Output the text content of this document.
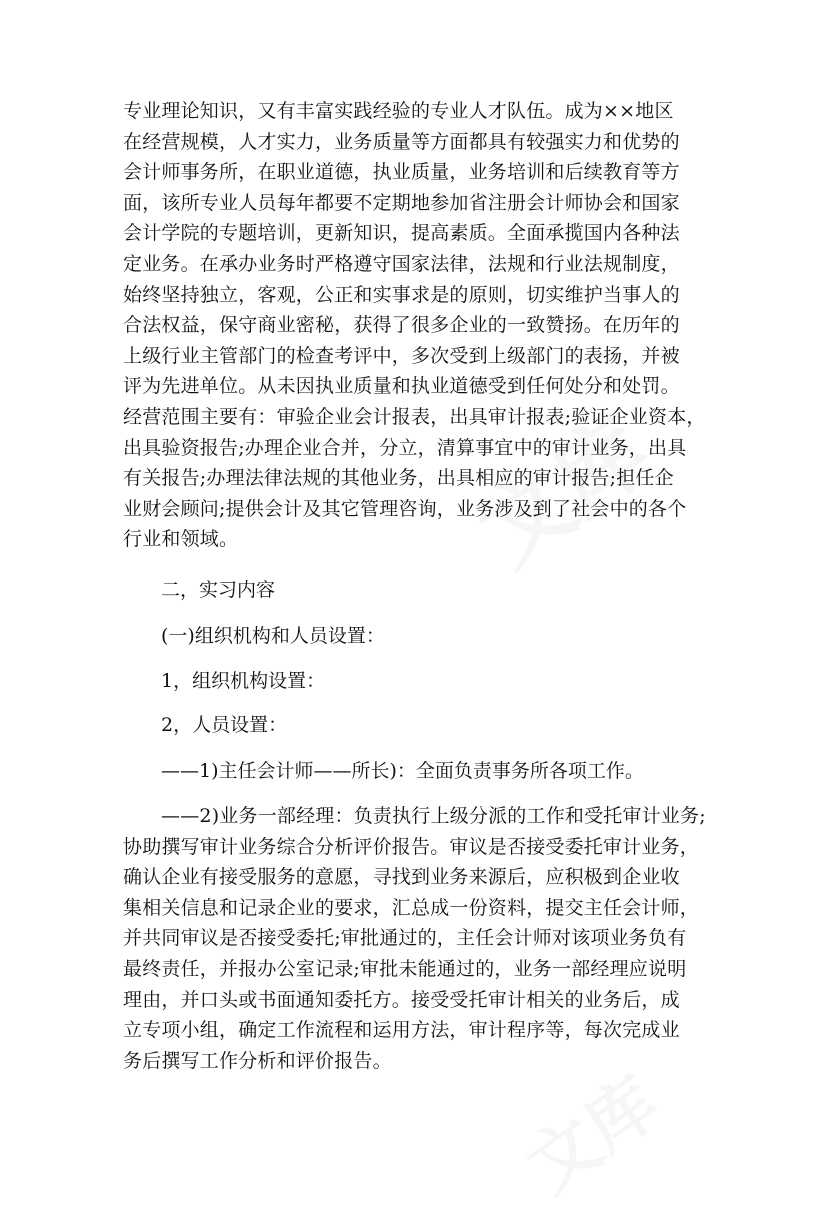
专业理论知识，又有丰富实践经验的专业人才队伍。成为××地区
在经营规模，人才实力，业务质量等方面都具有较强实力和优势的
会计师事务所，在职业道德，执业质量，业务培训和后续教育等方
面，该所专业人员每年都要不定期地参加省注册会计师协会和国家
会计学院的专题培训，更新知识，提高素质。全面承揽国内各种法
定业务。在承办业务时严格遵守国家法律，法规和行业法规制度，
始终坚持独立，客观，公正和实事求是的原则，切实维护当事人的
合法权益，保守商业密秘，获得了很多企业的一致赞扬。在历年的
上级行业主管部门的检查考评中，多次受到上级部门的表扬，并被
评为先进单位。从未因执业质量和执业道德受到任何处分和处罚。
经营范围主要有：审验企业会计报表，出具审计报表;验证企业资本，
出具验资报告;办理企业合并，分立，清算事宜中的审计业务，出具
有关报告;办理法律法规的其他业务，出具相应的审计报告;担任企
业财会顾问;提供会计及其它管理咨询，业务涉及到了社会中的各个
行业和领域。

二，实习内容

(一)组织机构和人员设置：

1，组织机构设置：

2，人员设置：

——1)主任会计师——所长)：全面负责事务所各项工作。

——2)业务一部经理：负责执行上级分派的工作和受托审计业务;
协助撰写审计业务综合分析评价报告。审议是否接受委托审计业务，
确认企业有接受服务的意愿，寻找到业务来源后，应积极到企业收
集相关信息和记录企业的要求，汇总成一份资料，提交主任会计师，
并共同审议是否接受委托;审批通过的，主任会计师对该项业务负有
最终责任，并报办公室记录;审批未能通过的，业务一部经理应说明
理由，并口头或书面通知委托方。接受受托审计相关的业务后，成
立专项小组，确定工作流程和运用方法，审计程序等，每次完成业
务后撰写工作分析和评价报告。
